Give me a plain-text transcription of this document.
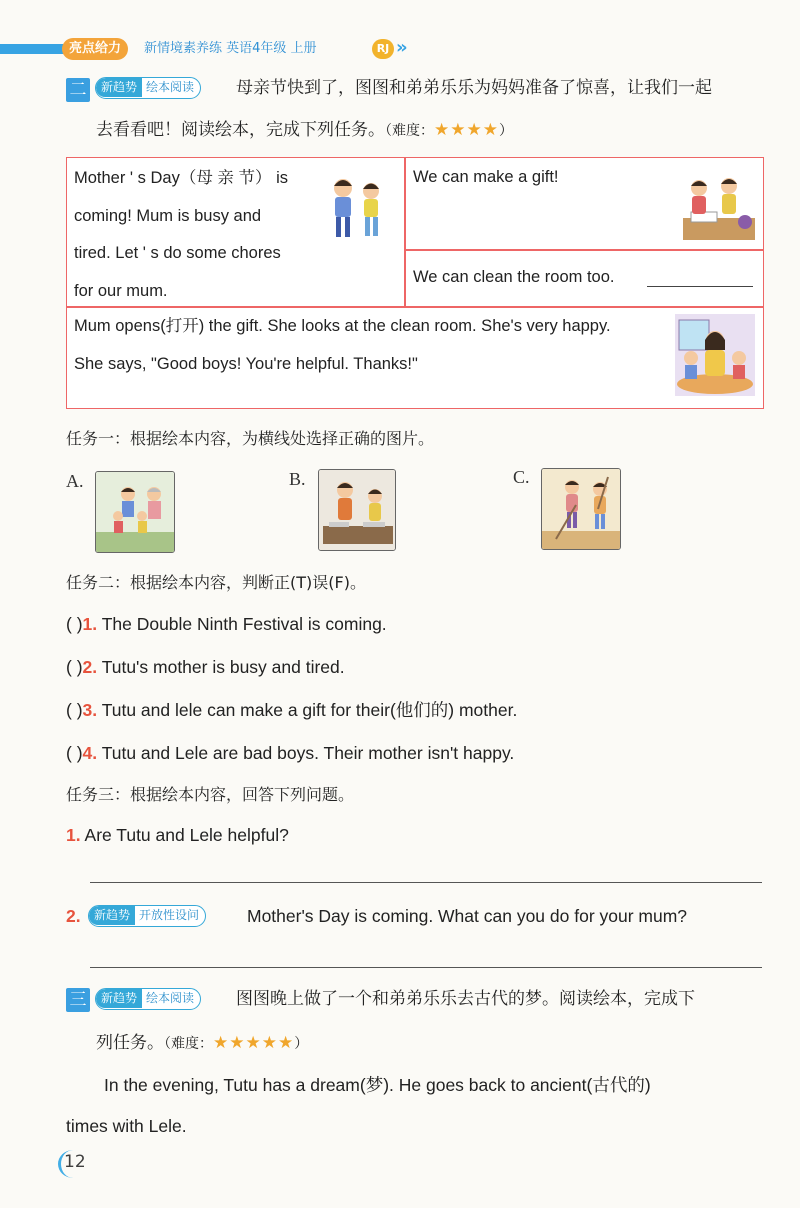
亮点给力	新情境素养练 英语4年级 上册	RJ »
二	新趋势 绘本阅读	母亲节快到了，图图和弟弟乐乐为妈妈准备了惊喜，让我们一起
去看看吧！阅读绘本，完成下列任务。（难度：★★★★）
Mother ' s Day（母 亲 节） is
coming! Mum is busy and
tired. Let ' s do some chores
for our mum.
We can make a gift!
We can clean the room too.
Mum opens(打开) the gift. She looks at the clean room. She's very happy.
She says, "Good boys! You're helpful. Thanks!"
任务一：根据绘本内容，为横线处选择正确的图片。
A.	B.	C.
任务二：根据绘本内容，判断正(T)误(F)。
( )1. The Double Ninth Festival is coming.
( )2. Tutu's mother is busy and tired.
( )3. Tutu and lele can make a gift for their(他们的) mother.
( )4. Tutu and Lele are bad boys. Their mother isn't happy.
任务三：根据绘本内容，回答下列问题。
1. Are Tutu and Lele helpful?
2.	新趋势 开放性设问	Mother's Day is coming. What can you do for your mum?
三	新趋势 绘本阅读	图图晚上做了一个和弟弟乐乐去古代的梦。阅读绘本，完成下
列任务。（难度：★★★★★）
In the evening, Tutu has a dream(梦). He goes back to ancient(古代的)
times with Lele.
12
